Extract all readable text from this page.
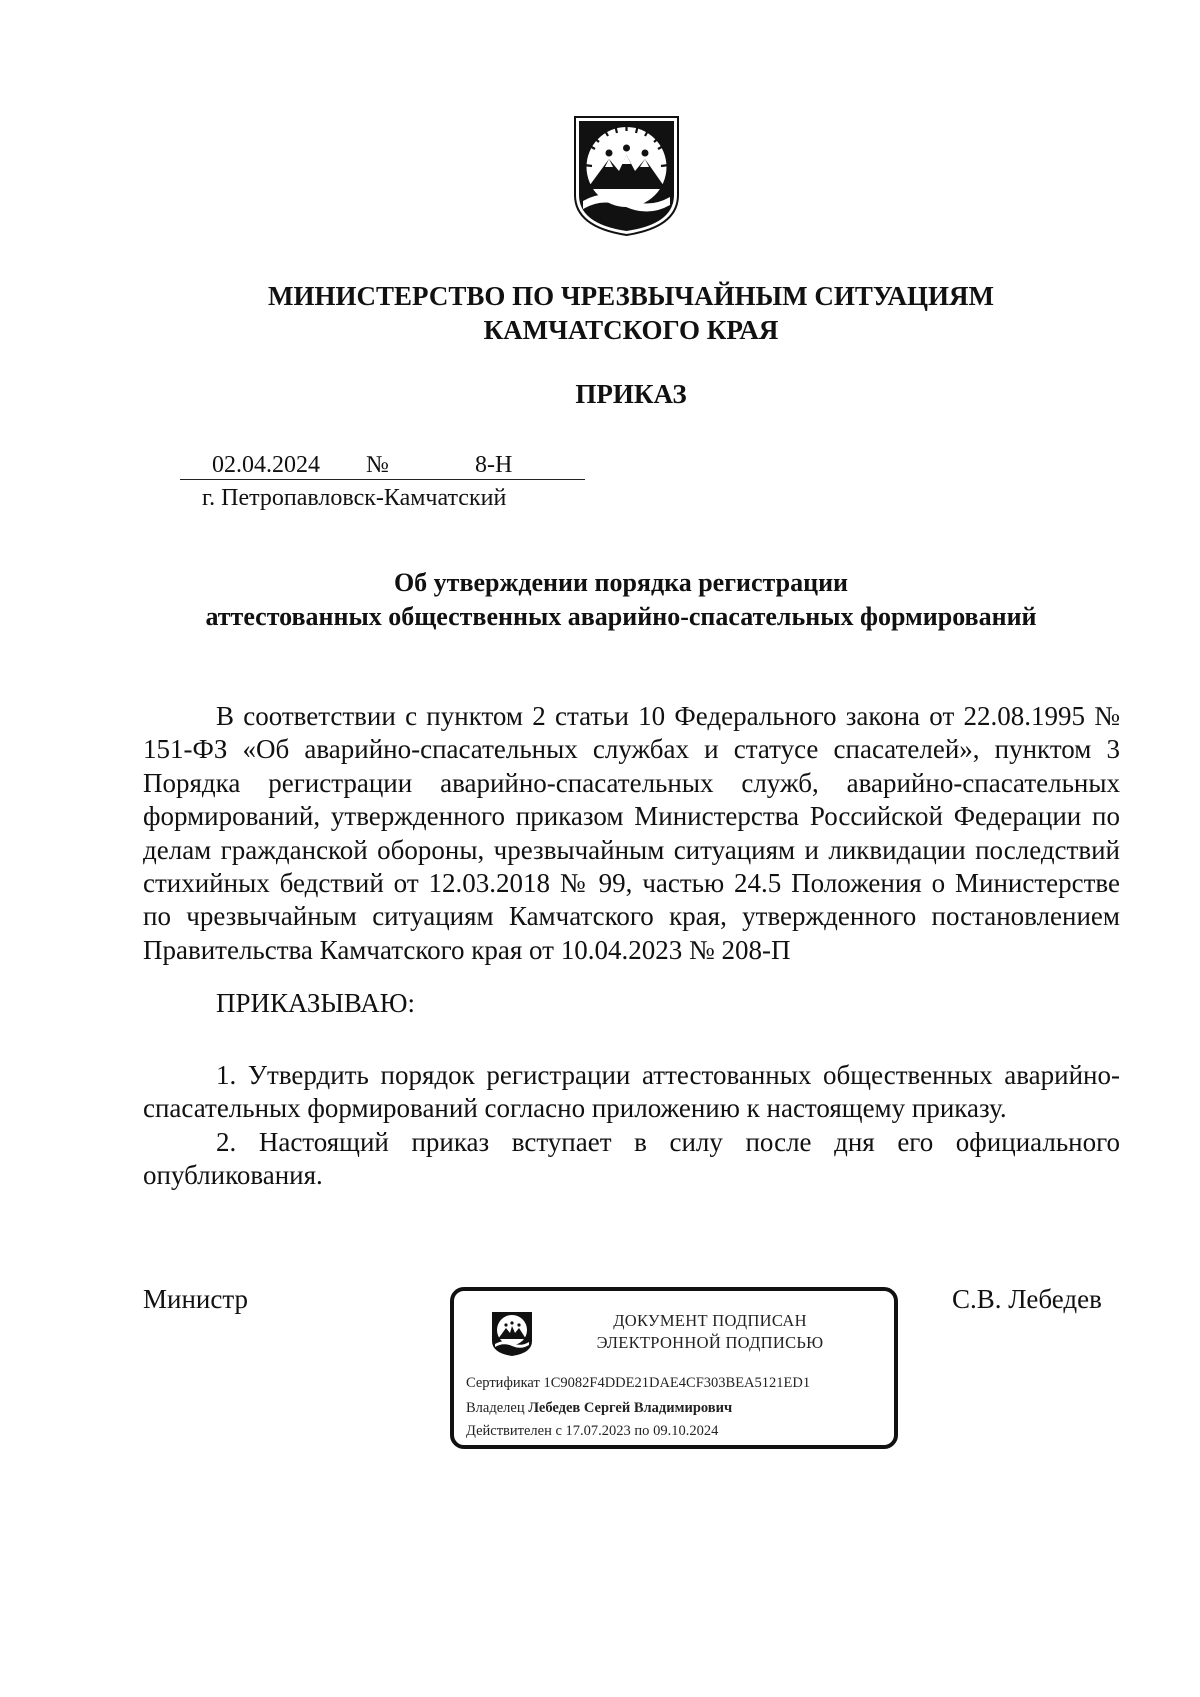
МИНИСТЕРСТВО ПО ЧРЕЗВЫЧАЙНЫМ СИТУАЦИЯМ
КАМЧАТСКОГО КРАЯ
ПРИКАЗ
02.04.2024 №	8-Н
г. Петропавловск-Камчатский
Об утверждении порядка регистрации
аттестованных общественных аварийно-спасательных формирований

В соответствии с пунктом 2 статьи 10 Федерального закона от 22.08.1995 № 151-ФЗ «Об аварийно-спасательных службах и статусе спасателей», пунктом 3 Порядка регистрации аварийно-спасательных служб, аварийно-спасательных формирований, утвержденного приказом Министерства Российской Федерации по делам гражданской обороны, чрезвычайным ситуациям и ликвидации последствий стихийных бедствий от 12.03.2018 № 99, частью 24.5 Положения о Министерстве по чрезвычайным ситуациям Камчатского края, утвержденного постановлением Правительства Камчатского края от 10.04.2023 № 208-П

ПРИКАЗЫВАЮ:

1. Утвердить порядок регистрации аттестованных общественных аварийно-спасательных формирований согласно приложению к настоящему приказу.

2. Настоящий приказ вступает в силу после дня его официального опубликования.

Министр
ДОКУМЕНТ ПОДПИСАН
ЭЛЕКТРОННОЙ ПОДПИСЬЮ
Сертификат 1C9082F4DDE21DAE4CF303BEA5121ED1
Владелец Лебедев Сергей Владимирович
Действителен с 17.07.2023 по 09.10.2024
С.В. Лебедев
